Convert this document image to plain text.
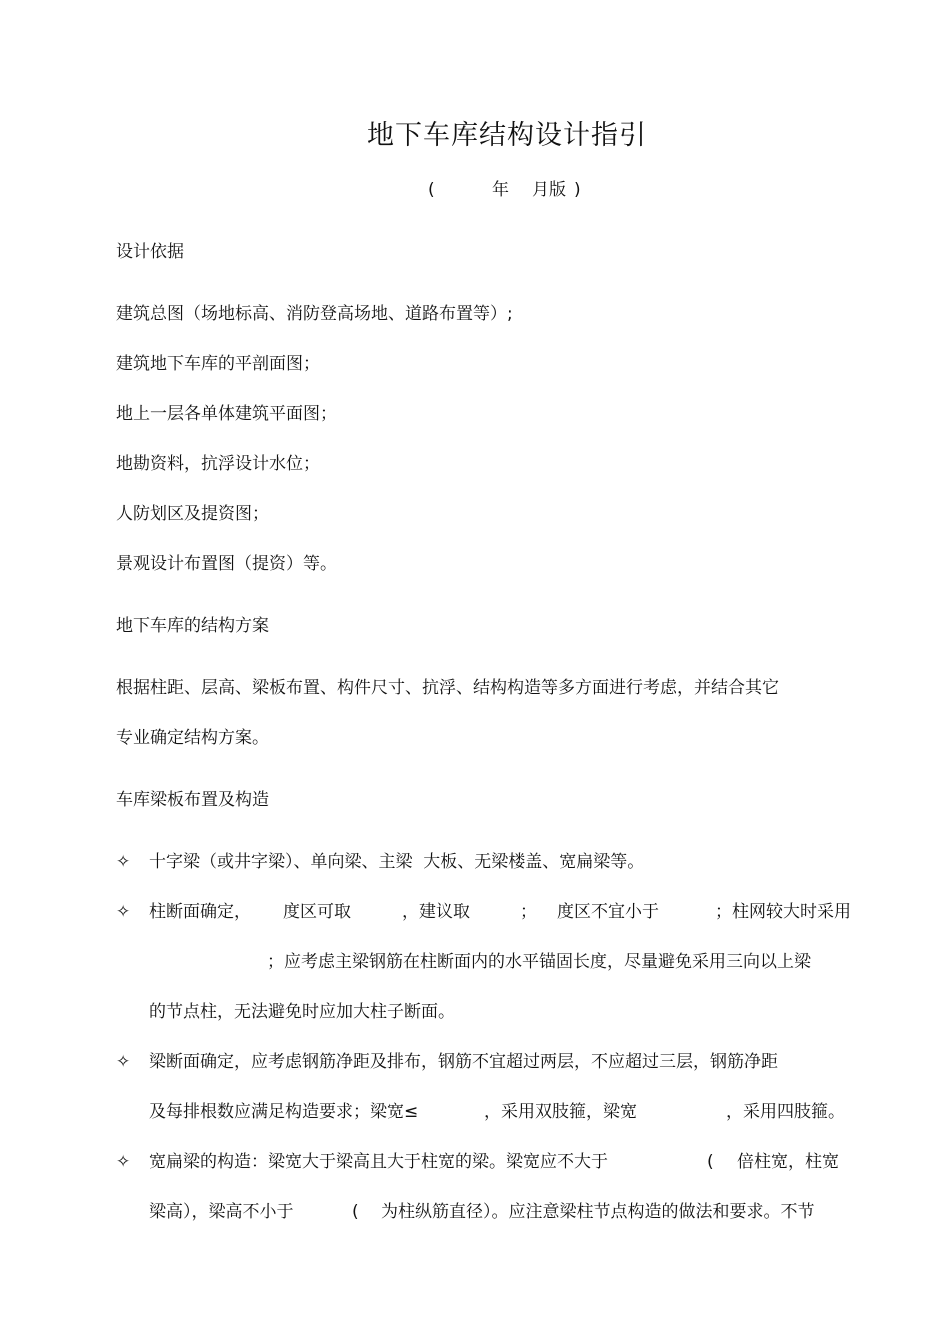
地下车库结构设计指引
(	年 月版 )
设计依据
建筑总图（场地标高、消防登高场地、道路布置等）;
建筑地下车库的平剖面图；
地上一层各单体建筑平面图；
地勘资料，抗浮设计水位；
人防划区及提资图；
景观设计布置图（提资）等。
地下车库的结构方案
根据柱距、层高、梁板布置、构件尺寸、抗浮、结构构造等多方面进行考虑，并结合其它
专业确定结构方案。
车库梁板布置及构造
✧ 十字梁（或井字梁）、单向梁、主梁  大板、无梁楼盖、宽扁梁等。
✧ 柱断面确定， 度区可取	，建议取	； 度区不宜小于	；柱网较大时采用
；应考虑主梁钢筋在柱断面内的水平锚固长度，尽量避免采用三向以上梁
的节点柱，无法避免时应加大柱子断面。
✧ 梁断面确定，应考虑钢筋净距及排布，钢筋不宜超过两层，不应超过三层，钢筋净距
及每排根数应满足构造要求；梁宽≤	，采用双肢箍，梁宽	，采用四肢箍。
✧ 宽扁梁的构造：梁宽大于梁高且大于柱宽的梁。梁宽应不大于	( 倍柱宽，柱宽
梁高），梁高不小于	( 为柱纵筋直径）。应注意梁柱节点构造的做法和要求。不节
